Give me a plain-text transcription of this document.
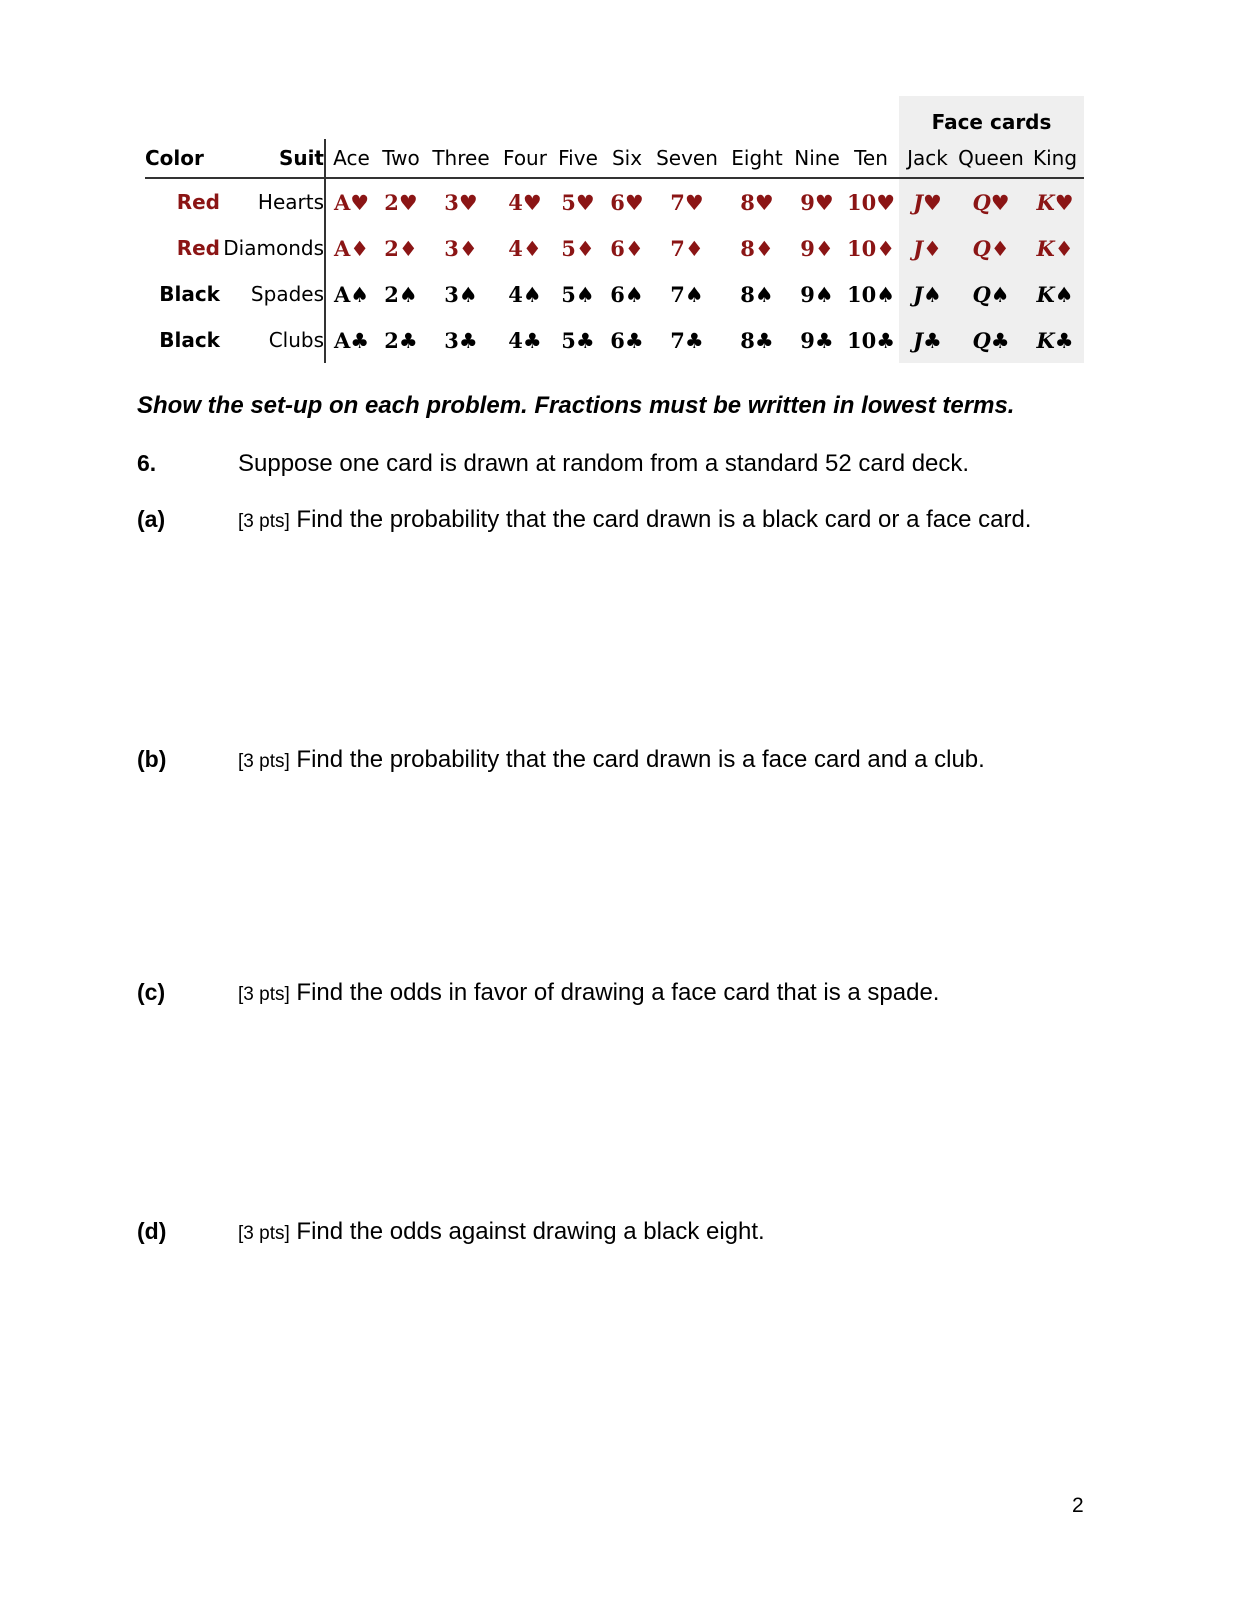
												Face cards		
Color	Suit	Ace	Two	Three	Four	Five	Six	Seven	Eight	Nine	Ten	Jack	Queen	King
Red	Hearts	A♥	2♥	3♥	4♥	5♥	6♥	7♥	8♥	9♥	10♥	J♥	Q♥	K♥
Red	Diamonds	A♦	2♦	3♦	4♦	5♦	6♦	7♦	8♦	9♦	10♦	J♦	Q♦	K♦
Black	Spades	A♠	2♠	3♠	4♠	5♠	6♠	7♠	8♠	9♠	10♠	J♠	Q♠	K♠
Black	Clubs	A♣	2♣	3♣	4♣	5♣	6♣	7♣	8♣	9♣	10♣	J♣	Q♣	K♣
Show the set-up on each problem. Fractions must be written in lowest terms.
6.	Suppose one card is drawn at random from a standard 52 card deck.
(a)	[3 pts] Find the probability that the card drawn is a black card or a face card.
(b)	[3 pts] Find the probability that the card drawn is a face card and a club.
(c)	[3 pts] Find the odds in favor of drawing a face card that is a spade.
(d)	[3 pts] Find the odds against drawing a black eight.
2
